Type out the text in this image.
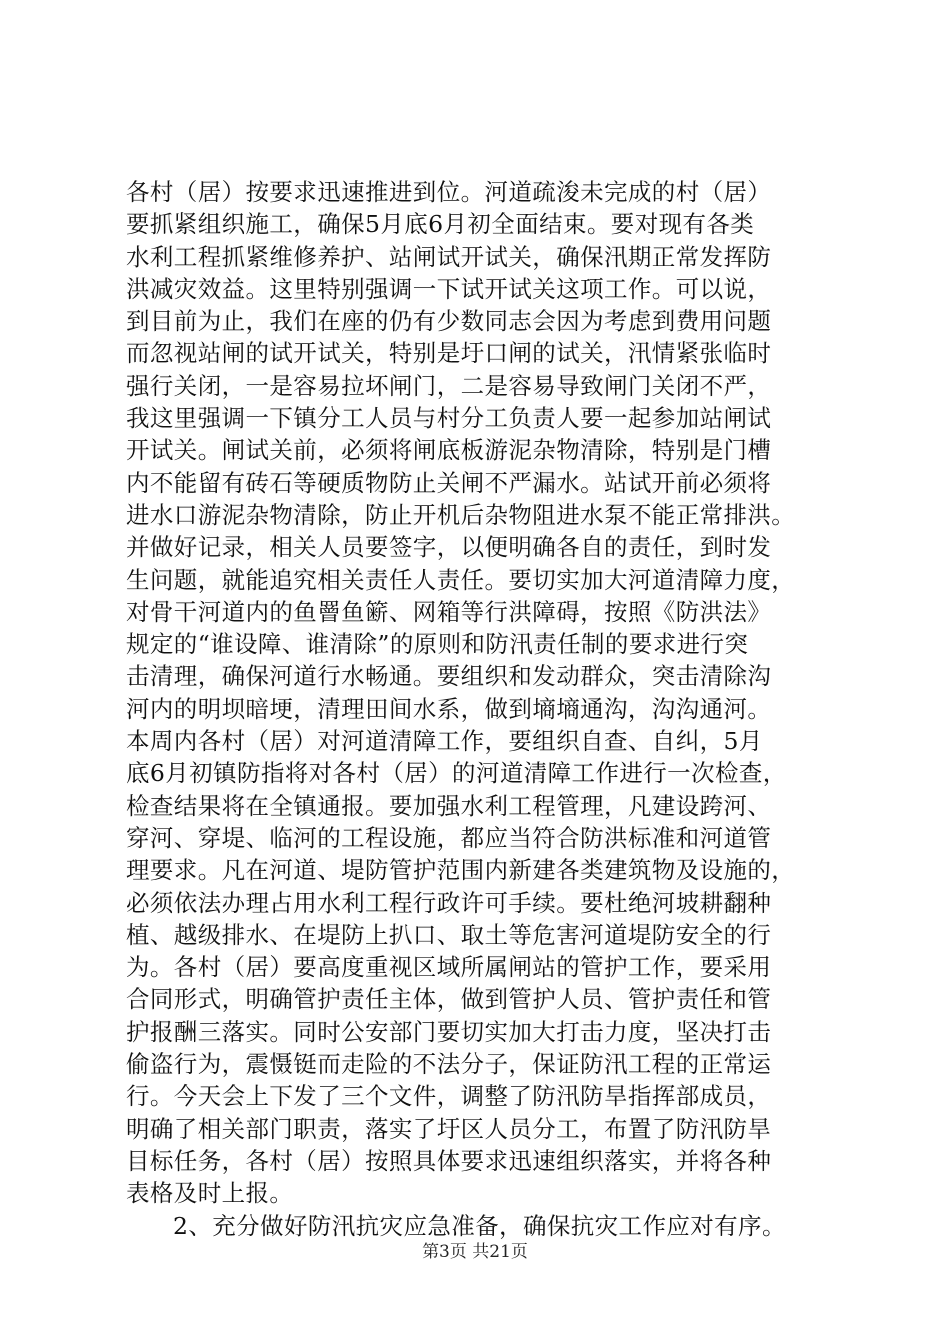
各村（居）按要求迅速推进到位。河道疏浚未完成的村（居）
要抓紧组织施工，确保5月底6月初全面结束。要对现有各类
水利工程抓紧维修养护、站闸试开试关，确保汛期正常发挥防
洪减灾效益。这里特别强调一下试开试关这项工作。可以说，
到目前为止，我们在座的仍有少数同志会因为考虑到费用问题
而忽视站闸的试开试关，特别是圩口闸的试关，汛情紧张临时
强行关闭，一是容易拉坏闸门，二是容易导致闸门关闭不严，
我这里强调一下镇分工人员与村分工负责人要一起参加站闸试
开试关。闸试关前，必须将闸底板游泥杂物清除，特别是门槽
内不能留有砖石等硬质物防止关闸不严漏水。站试开前必须将
进水口游泥杂物清除，防止开机后杂物阻进水泵不能正常排洪。
并做好记录，相关人员要签字，以便明确各自的责任，到时发
生问题，就能追究相关责任人责任。要切实加大河道清障力度，
对骨干河道内的鱼罾鱼簖、网箱等行洪障碍，按照《防洪法》
规定的“谁设障、谁清除”的原则和防汛责任制的要求进行突
击清理，确保河道行水畅通。要组织和发动群众，突击清除沟
河内的明坝暗埂，清理田间水系，做到墒墒通沟，沟沟通河。
本周内各村（居）对河道清障工作，要组织自查、自纠，5月
底6月初镇防指将对各村（居）的河道清障工作进行一次检查，
检查结果将在全镇通报。要加强水利工程管理，凡建设跨河、
穿河、穿堤、临河的工程设施，都应当符合防洪标准和河道管
理要求。凡在河道、堤防管护范围内新建各类建筑物及设施的，
必须依法办理占用水利工程行政许可手续。要杜绝河坡耕翻种
植、越级排水、在堤防上扒口、取土等危害河道堤防安全的行
为。各村（居）要高度重视区域所属闸站的管护工作，要采用
合同形式，明确管护责任主体，做到管护人员、管护责任和管
护报酬三落实。同时公安部门要切实加大打击力度，坚决打击
偷盗行为，震慑铤而走险的不法分子，保证防汛工程的正常运
行。今天会上下发了三个文件，调整了防汛防旱指挥部成员，
明确了相关部门职责，落实了圩区人员分工，布置了防汛防旱
目标任务，各村（居）按照具体要求迅速组织落实，并将各种
表格及时上报。
2、充分做好防汛抗灾应急准备，确保抗灾工作应对有序。
第3页 共21页
